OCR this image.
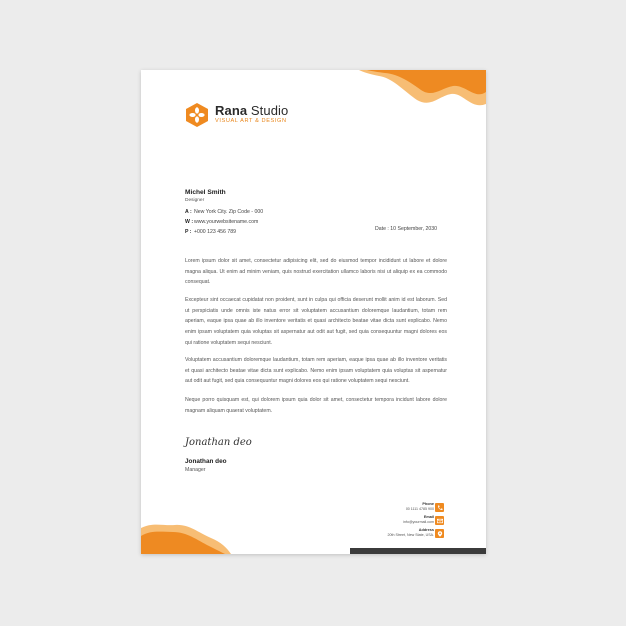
Rana Studio
VISUAL ART & DESIGN
Michel Smith
Designer
A : New York City. Zip Code - 000
W :www.yourwebsitename.com
P : +000 123 456 789	Date : 10 September, 2030
Lorem ipsum dolor sit amet, consectetur adipisicing elit, sed do eiusmod tempor incididunt ut labore et dolore magna aliqua. Ut enim ad minim veniam, quis nostrud exercitation ullamco laboris nisi ut aliquip ex ea commodo consequat.
Excepteur sint occaecat cupidatat non proident, sunt in culpa qui officia deserunt mollit anim id est laborum. Sed ut perspiciatis unde omnis iste natus error sit voluptatem accusantium doloremque laudantium, totam rem aperiam, eaque ipsa quae ab illo inventore veritatis et quasi architecto beatae vitae dicta sunt explicabo. Nemo enim ipsam voluptatem quia voluptas sit aspernatur aut odit aut fugit, sed quia consequuntur magni dolores eos qui ratione voluptatem sequi nesciunt.
Voluptatem accusantium doloremque laudantium, totam rem aperiam, eaque ipsa quae ab illo inventore veritatis et quasi architecto beatae vitae dicta sunt explicabo. Nemo enim ipsam voluptatem quia voluptas sit aspernatur aut odit aut fugit, sed quia consequuntur magni dolores eos qui ratione voluptatem sequi nesciunt.
Neque porro quisquam est, qui dolorem ipsum quia dolor sit amet, consectetur tempora incidunt labore dolore magnam aliquam quaerat voluptatem.
Jonathan deo
Jonathan deo
Manager
Phone
00 1111 4785 900
Email
info@yourmail.com
Address
20th Street, New State, USA.
